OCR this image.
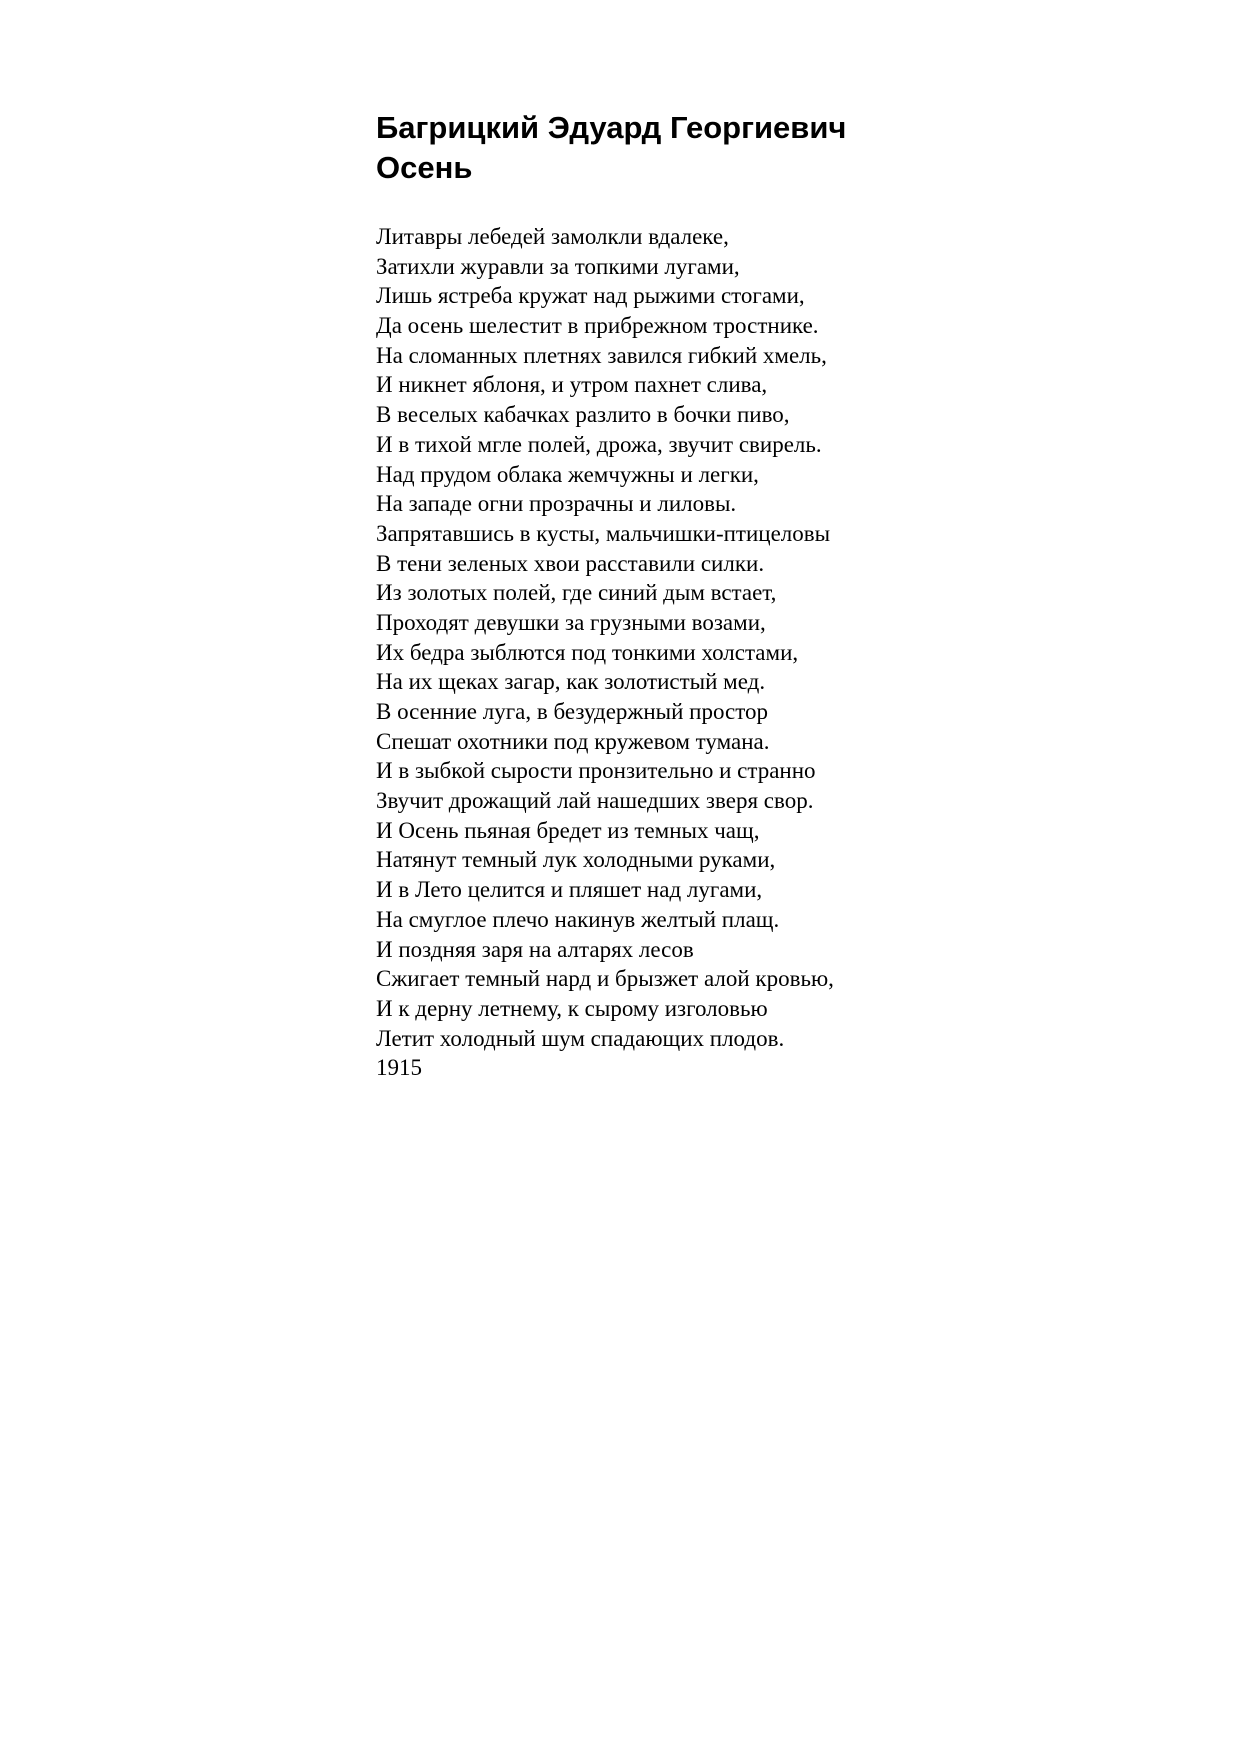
Багрицкий Эдуард Георгиевич
Осень
Литавры лебедей замолкли вдалеке,
Затихли журавли за топкими лугами,
Лишь ястреба кружат над рыжими стогами,
Да осень шелестит в прибрежном тростнике.
На сломанных плетнях завился гибкий хмель,
И никнет яблоня, и утром пахнет слива,
В веселых кабачках разлито в бочки пиво,
И в тихой мгле полей, дрожа, звучит свирель.
Над прудом облака жемчужны и легки,
На западе огни прозрачны и лиловы.
Запрятавшись в кусты, мальчишки-птицеловы
В тени зеленых хвои расставили силки.
Из золотых полей, где синий дым встает,
Проходят девушки за грузными возами,
Их бедра зыблются под тонкими холстами,
На их щеках загар, как золотистый мед.
В осенние луга, в безудержный простор
Спешат охотники под кружевом тумана.
И в зыбкой сырости пронзительно и странно
Звучит дрожащий лай нашедших зверя свор.
И Осень пьяная бредет из темных чащ,
Натянут темный лук холодными руками,
И в Лето целится и пляшет над лугами,
На смуглое плечо накинув желтый плащ.
И поздняя заря на алтарях лесов
Сжигает темный нард и брызжет алой кровью,
И к дерну летнему, к сырому изголовью
Летит холодный шум спадающих плодов.
1915
